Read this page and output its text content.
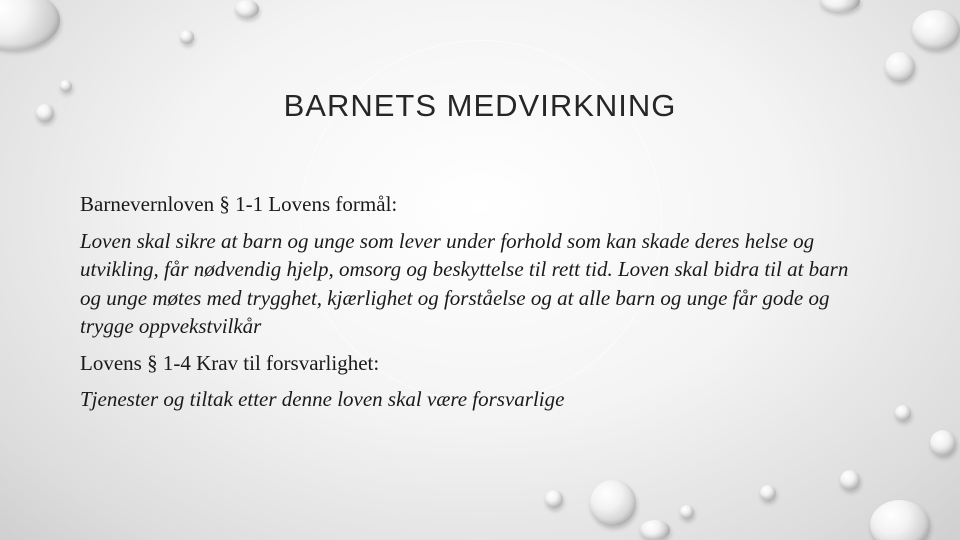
BARNETS MEDVIRKNING

Barnevernloven § 1-1 Lovens formål:

Loven skal sikre at barn og unge som lever under forhold som kan skade deres helse og utvikling, får nødvendig hjelp, omsorg og beskyttelse til rett tid. Loven skal bidra til at barn og unge møtes med trygghet, kjærlighet og forståelse og at alle barn og unge får gode og trygge oppvekstvilkår

Lovens § 1-4 Krav til forsvarlighet:

Tjenester og tiltak etter denne loven skal være forsvarlige
